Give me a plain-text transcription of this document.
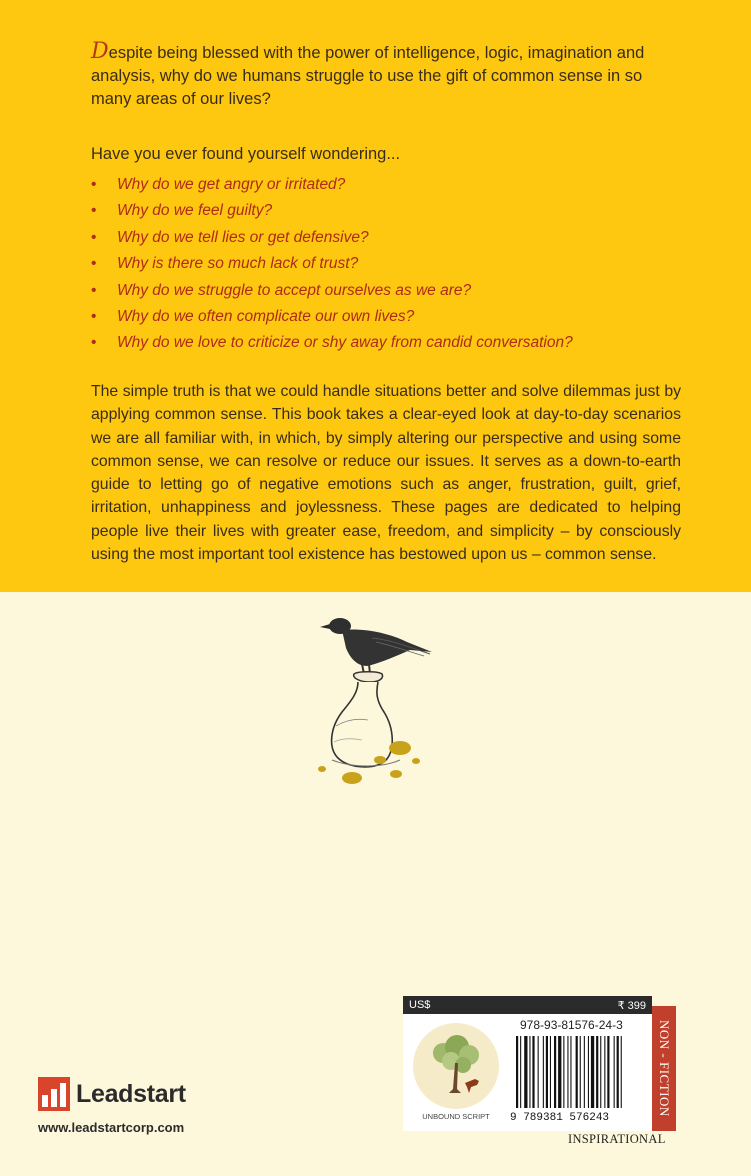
Despite being blessed with the power of intelligence, logic, imagination and analysis, why do we humans struggle to use the gift of common sense in so many areas of our lives?

Have you ever found yourself wondering...

• Why do we get angry or irritated?
• Why do we feel guilty?
• Why do we tell lies or get defensive?
• Why is there so much lack of trust?
• Why do we struggle to accept ourselves as we are?
• Why do we often complicate our own lives?
• Why do we love to criticize or shy away from candid conversation?

The simple truth is that we could handle situations better and solve dilemmas just by applying common sense. This book takes a clear-eyed look at day-to-day scenarios we are all familiar with, in which, by simply altering our perspective and using some common sense, we can resolve or reduce our issues. It serves as a down-to-earth guide to letting go of negative emotions such as anger, frustration, guilt, grief, irritation, unhappiness and joylessness. These pages are dedicated to helping people live their lives with greater ease, freedom, and simplicity – by consciously using the most important tool existence has bestowed upon us – common sense.

Leadstart
www.leadstartcorp.com
US$	₹ 399
UNBOUND SCRIPT
978-93-81576-24-3
9 789381 576243
NON - FICTION
INSPIRATIONAL
